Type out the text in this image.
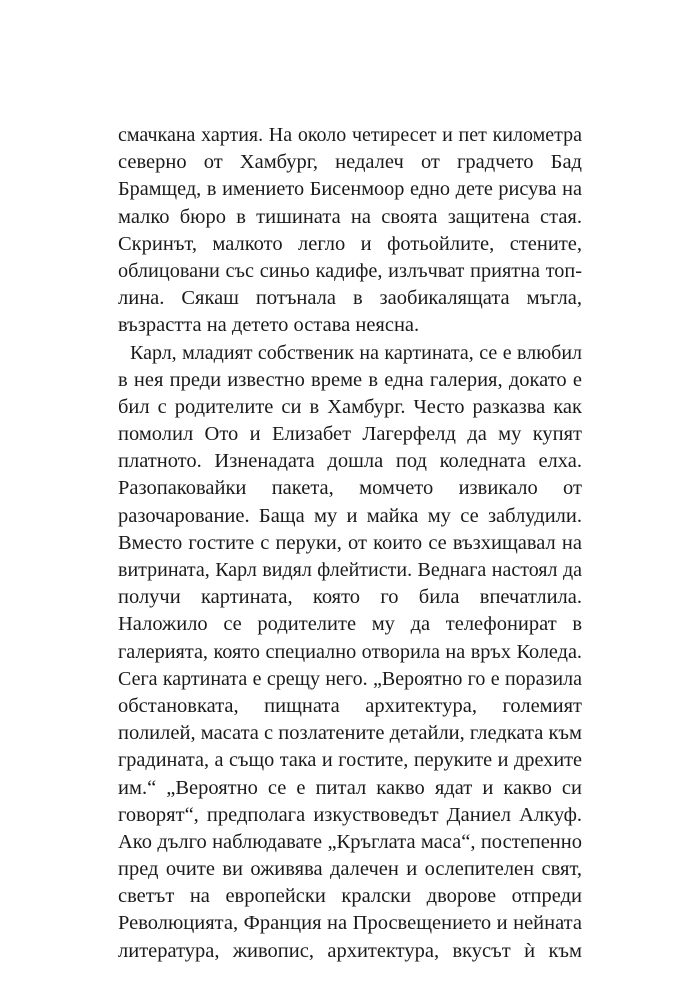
смачкана хартия. На около четиресет и пет километра
северно от Хамбург, недалеч от градчето Бад
Брамщед, в имението Бисенмоор едно дете рисува на
малко бюро в тишината на своята защитена стая.
Скринът, малкото легло и фотьойлите, стените,
облицовани със синьо кадифе, излъчват приятна топ-
лина. Сякаш потънала в заобикалящата мъгла,
възрастта на детето остава неясна.
Карл, младият собственик на картината, се е влюбил
в нея преди известно време в една галерия, докато е
бил с родителите си в Хамбург. Често разказва как
помолил Ото и Елизабет Лагерфелд да му купят
платното. Изненадата дошла под коледната елха.
Разопаковайки пакета, момчето извикало от
разочарование. Баща му и майка му се заблудили.
Вместо гостите с перуки, от които се възхищавал на
витрината, Карл видял флейтисти. Веднага настоял да
получи картината, която го била впечатлила.
Наложило се родителите му да телефонират в
галерията, която специално отворила на връх Коледа.
Сега картината е срещу него. „Вероятно го е поразила
обстановката, пищната архитектура, големият
полилей, масата с позлатените детайли, гледката към
градината, а също така и гостите, перуките и дрехите
им.“ „Вероятно се е питал какво ядат и какво си
говорят“, предполага изкуствоведът Даниел Алкуф.
Ако дълго наблюдавате „Кръглата маса“, постепенно
пред очите ви оживява далечен и ослепителен свят,
светът на европейски кралски дворове отпреди
Революцията, Франция на Просвещението и нейната
литература, живопис, архитектура, вкусът ѝ към
